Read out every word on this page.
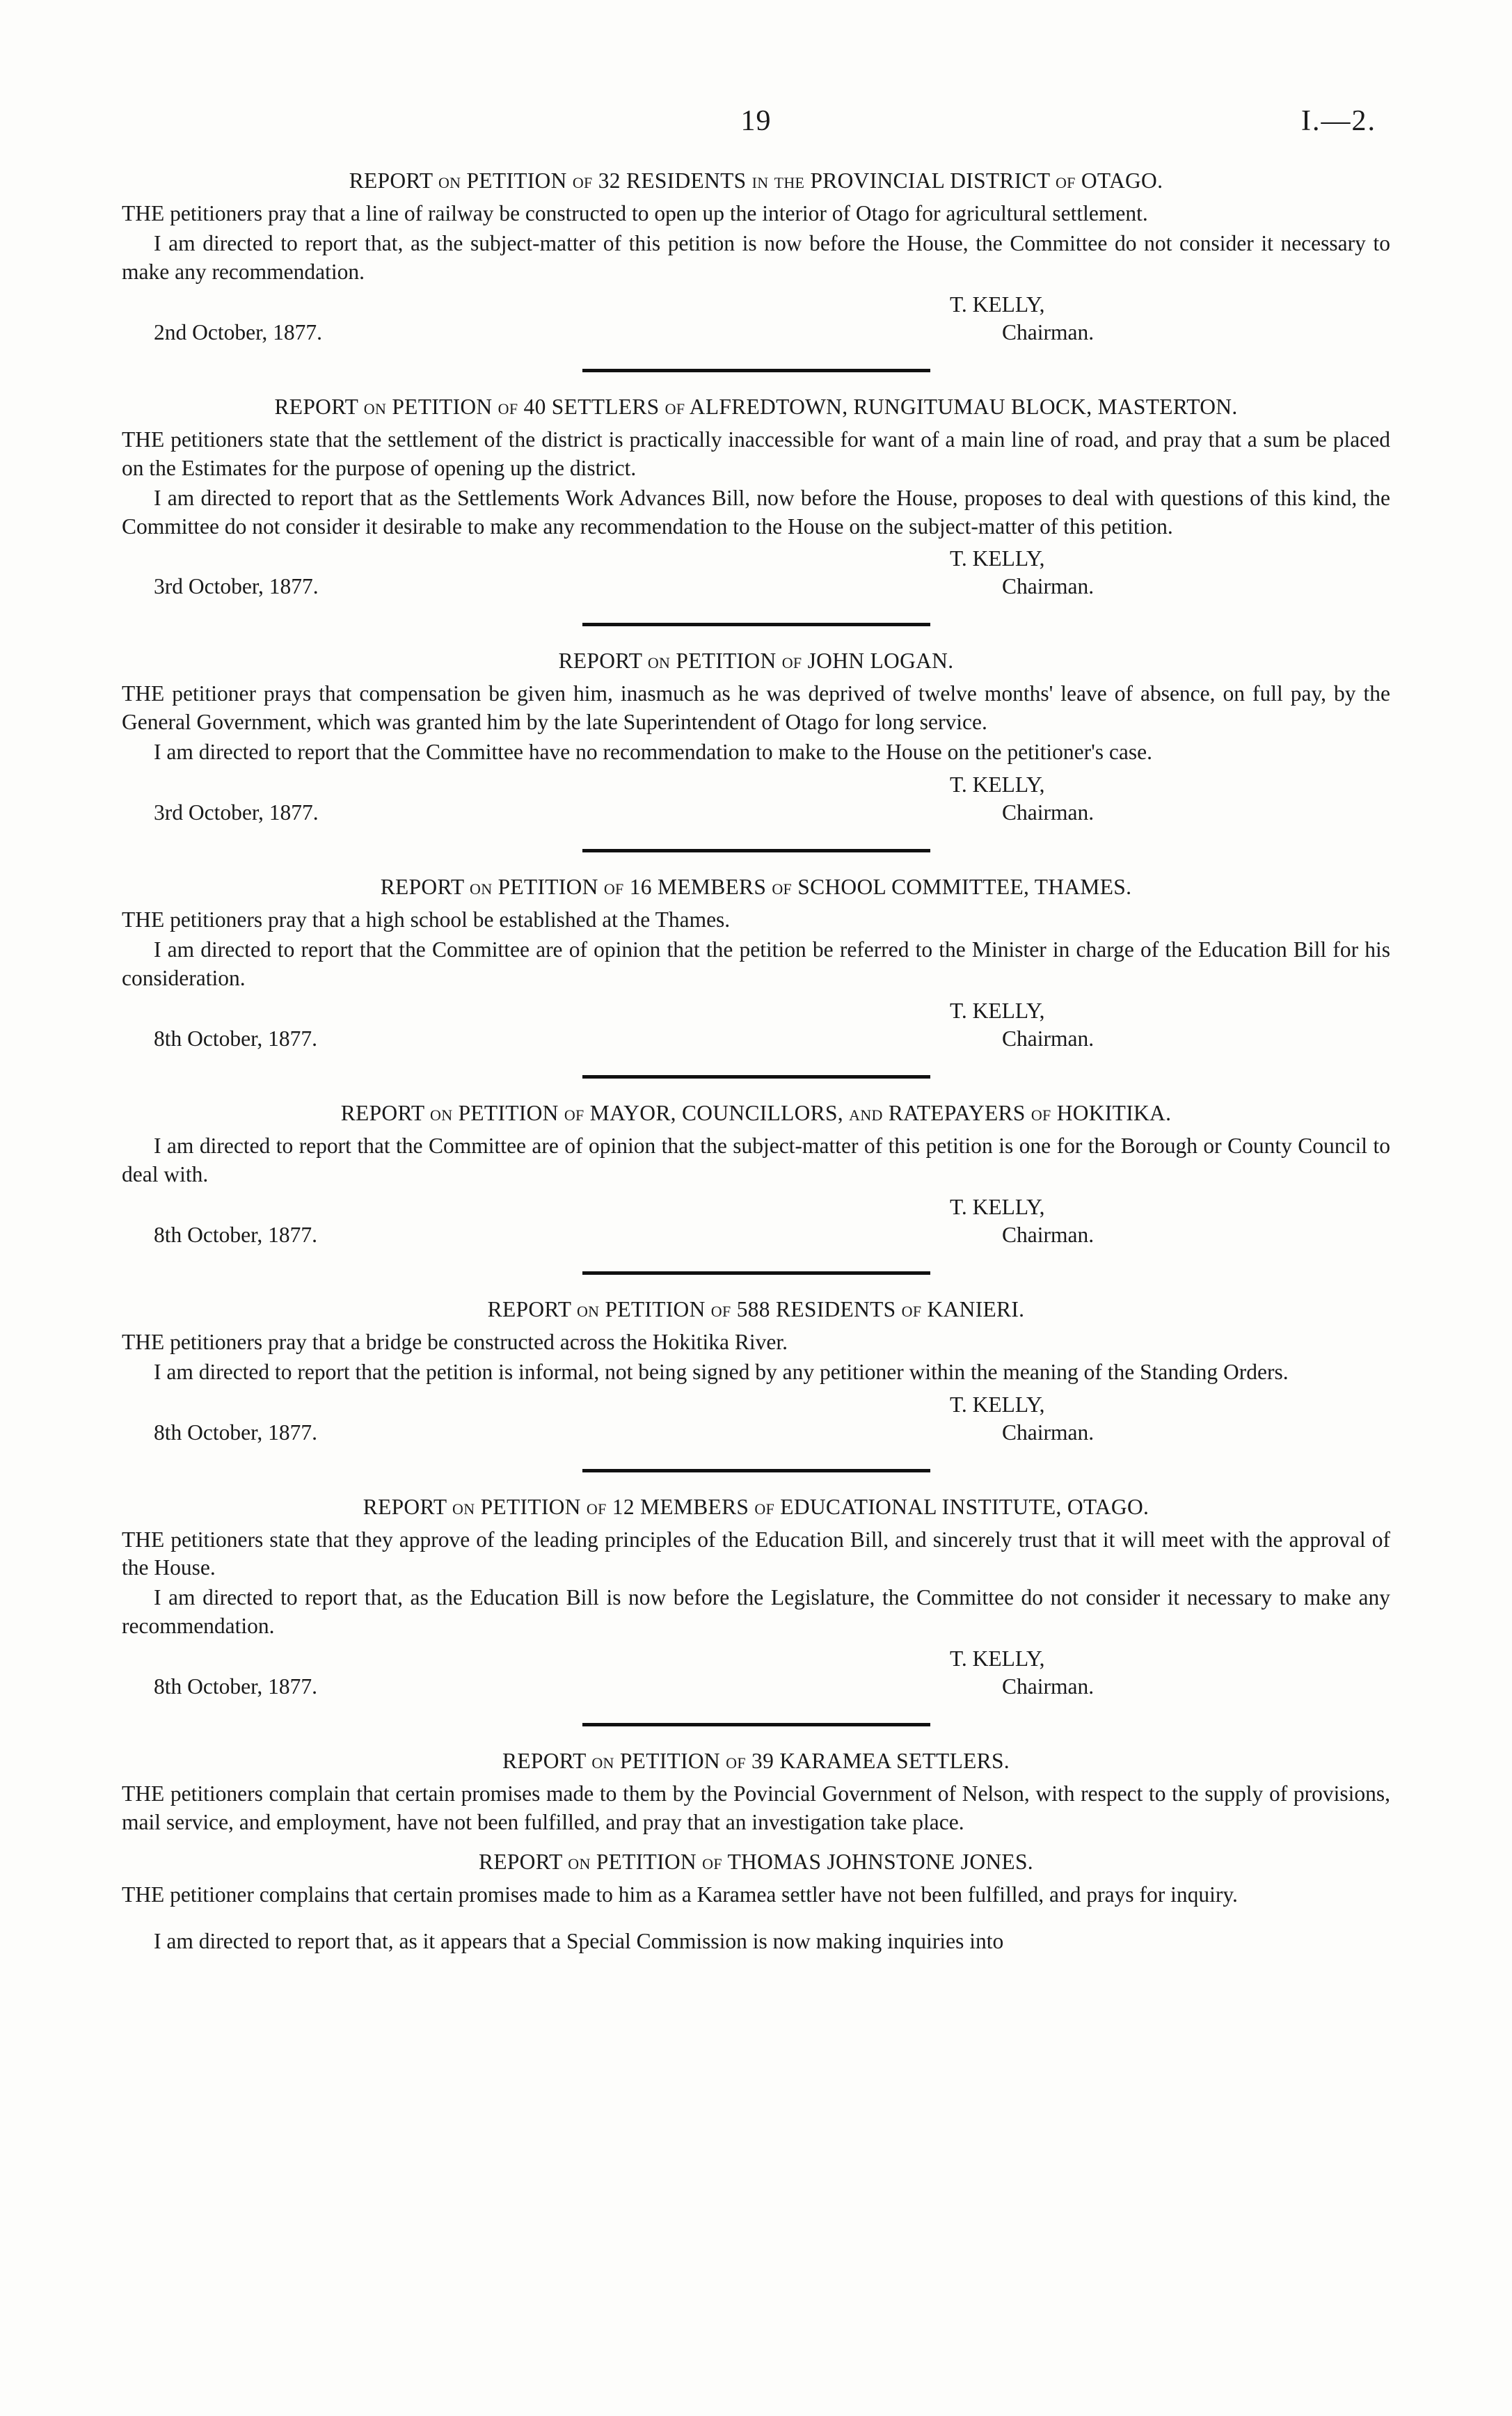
19	I.—2.
REPORT on PETITION of 32 RESIDENTS in the PROVINCIAL DISTRICT of OTAGO.

THE petitioners pray that a line of railway be constructed to open up the interior of Otago for agricultural settlement.

I am directed to report that, as the subject-matter of this petition is now before the House, the Committee do not consider it necessary to make any recommendation.

T. KELLY,
Chairman.
2nd October, 1877.
REPORT on PETITION of 40 SETTLERS of ALFREDTOWN, RUNGITUMAU BLOCK, MASTERTON.

THE petitioners state that the settlement of the district is practically inaccessible for want of a main line of road, and pray that a sum be placed on the Estimates for the purpose of opening up the district.

I am directed to report that as the Settlements Work Advances Bill, now before the House, proposes to deal with questions of this kind, the Committee do not consider it desirable to make any recommendation to the House on the subject-matter of this petition.

T. KELLY,
Chairman.
3rd October, 1877.
REPORT on PETITION of JOHN LOGAN.

THE petitioner prays that compensation be given him, inasmuch as he was deprived of twelve months' leave of absence, on full pay, by the General Government, which was granted him by the late Superintendent of Otago for long service.

I am directed to report that the Committee have no recommendation to make to the House on the petitioner's case.

T. KELLY,
Chairman.
3rd October, 1877.
REPORT on PETITION of 16 MEMBERS of SCHOOL COMMITTEE, THAMES.

THE petitioners pray that a high school be established at the Thames.

I am directed to report that the Committee are of opinion that the petition be referred to the Minister in charge of the Education Bill for his consideration.

T. KELLY,
Chairman.
8th October, 1877.
REPORT on PETITION of MAYOR, COUNCILLORS, and RATEPAYERS of HOKITIKA.

I am directed to report that the Committee are of opinion that the subject-matter of this petition is one for the Borough or County Council to deal with.

T. KELLY,
Chairman.
8th October, 1877.
REPORT on PETITION of 588 RESIDENTS of KANIERI.

THE petitioners pray that a bridge be constructed across the Hokitika River.

I am directed to report that the petition is informal, not being signed by any petitioner within the meaning of the Standing Orders.

T. KELLY,
Chairman.
8th October, 1877.
REPORT on PETITION of 12 MEMBERS of EDUCATIONAL INSTITUTE, OTAGO.

THE petitioners state that they approve of the leading principles of the Education Bill, and sincerely trust that it will meet with the approval of the House.

I am directed to report that, as the Education Bill is now before the Legislature, the Committee do not consider it necessary to make any recommendation.

T. KELLY,
Chairman.
8th October, 1877.
REPORT on PETITION of 39 KARAMEA SETTLERS.

THE petitioners complain that certain promises made to them by the Povincial Government of Nelson, with respect to the supply of provisions, mail service, and employment, have not been fulfilled, and pray that an investigation take place.

REPORT on PETITION of THOMAS JOHNSTONE JONES.

THE petitioner complains that certain promises made to him as a Karamea settler have not been fulfilled, and prays for inquiry.

I am directed to report that, as it appears that a Special Commission is now making inquiries into
